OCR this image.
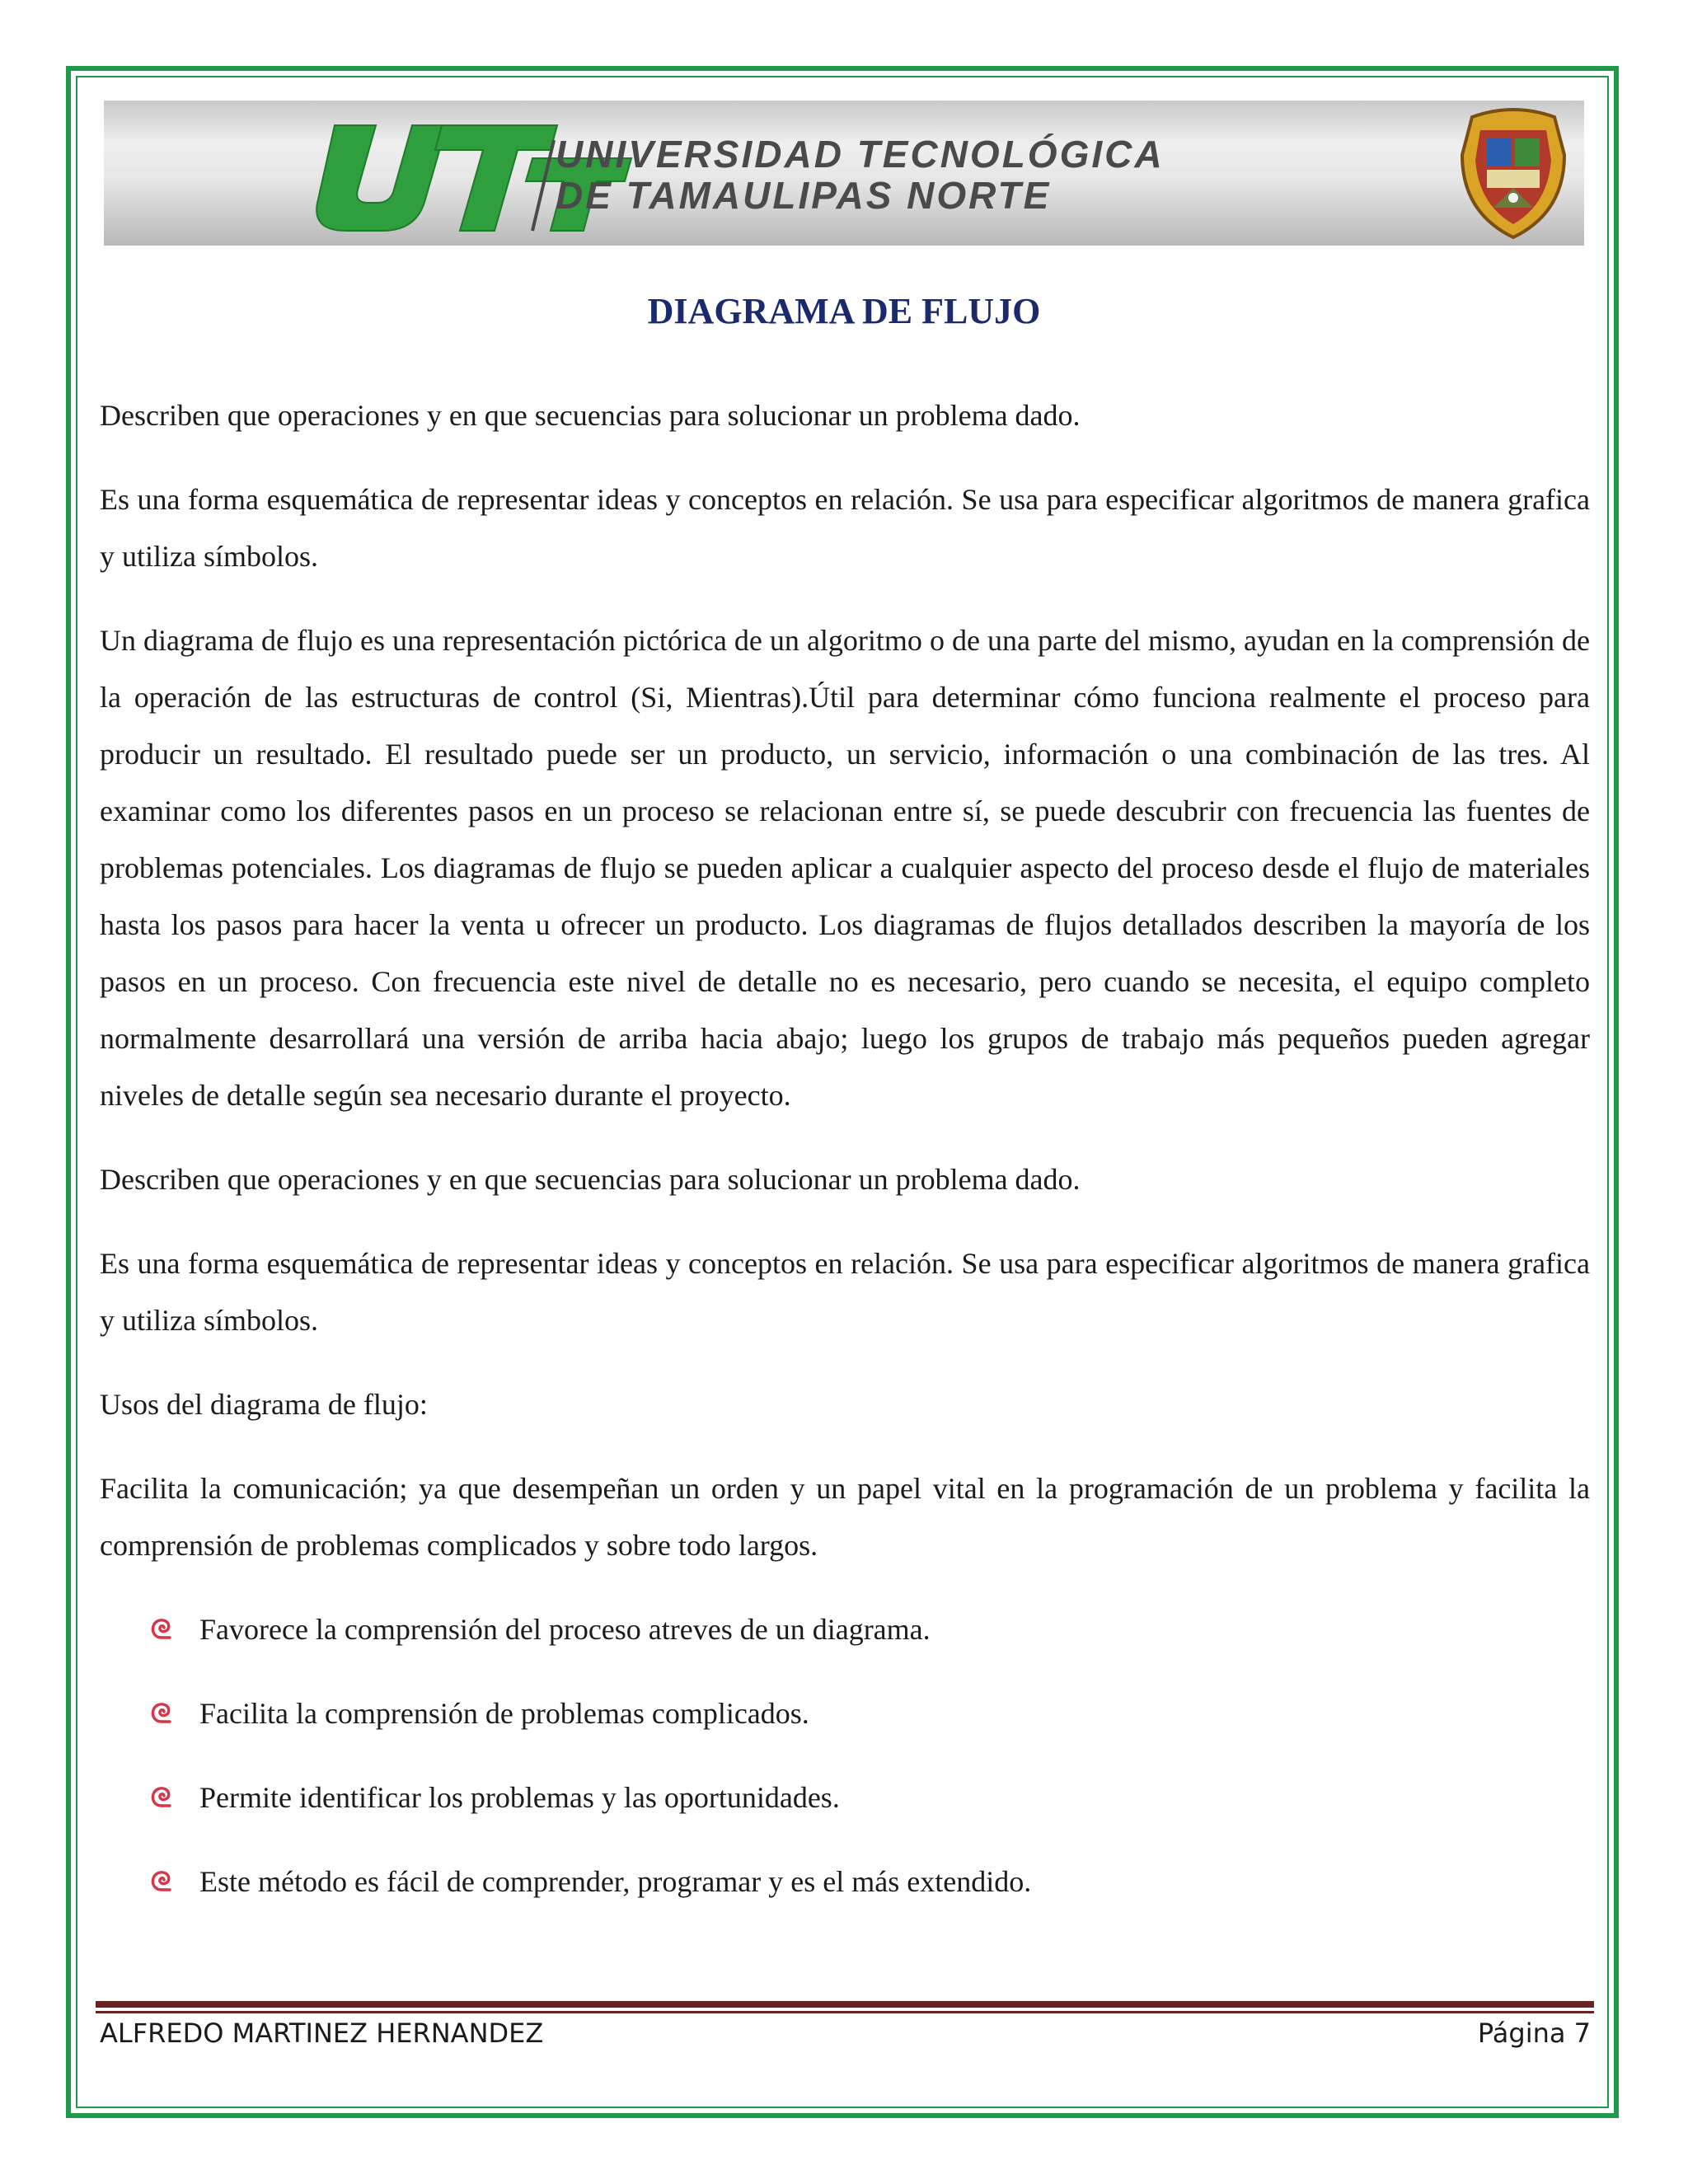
UNIVERSIDAD TECNOLÓGICA
DE TAMAULIPAS NORTE
DIAGRAMA DE FLUJO

Describen que operaciones y en que secuencias para solucionar un problema dado.

Es una forma esquemática de representar ideas y conceptos en relación. Se usa para especificar algoritmos de manera grafica y utiliza símbolos.

Un diagrama de flujo es una representación pictórica de un algoritmo o de una parte del mismo, ayudan en la comprensión de la operación de las estructuras de control (Si, Mientras).Útil para determinar cómo funciona realmente el proceso para producir un resultado. El resultado puede ser un producto, un servicio, información o una combinación de las tres. Al examinar como los diferentes pasos en un proceso se relacionan entre sí, se puede descubrir con frecuencia las fuentes de problemas potenciales. Los diagramas de flujo se pueden aplicar a cualquier aspecto del proceso desde el flujo de materiales hasta los pasos para hacer la venta u ofrecer un producto. Los diagramas de flujos detallados describen la mayoría de los pasos en un proceso. Con frecuencia este nivel de detalle no es necesario, pero cuando se necesita, el equipo completo normalmente desarrollará una versión de arriba hacia abajo; luego los grupos de trabajo más pequeños pueden agregar niveles de detalle según sea necesario durante el proyecto.

Describen que operaciones y en que secuencias para solucionar un problema dado.

Es una forma esquemática de representar ideas y conceptos en relación. Se usa para especificar algoritmos de manera grafica y utiliza símbolos.

Usos del diagrama de flujo:

Facilita la comunicación; ya que desempeñan un orden y un papel vital en la programación de un problema y facilita la comprensión de problemas complicados y sobre todo largos.

Favorece la comprensión del proceso atreves de un diagrama.
Facilita la comprensión de problemas complicados.
Permite identificar los problemas y las oportunidades.
Este método es fácil de comprender, programar y es el más extendido.
ALFREDO MARTINEZ HERNANDEZ	Página 7
